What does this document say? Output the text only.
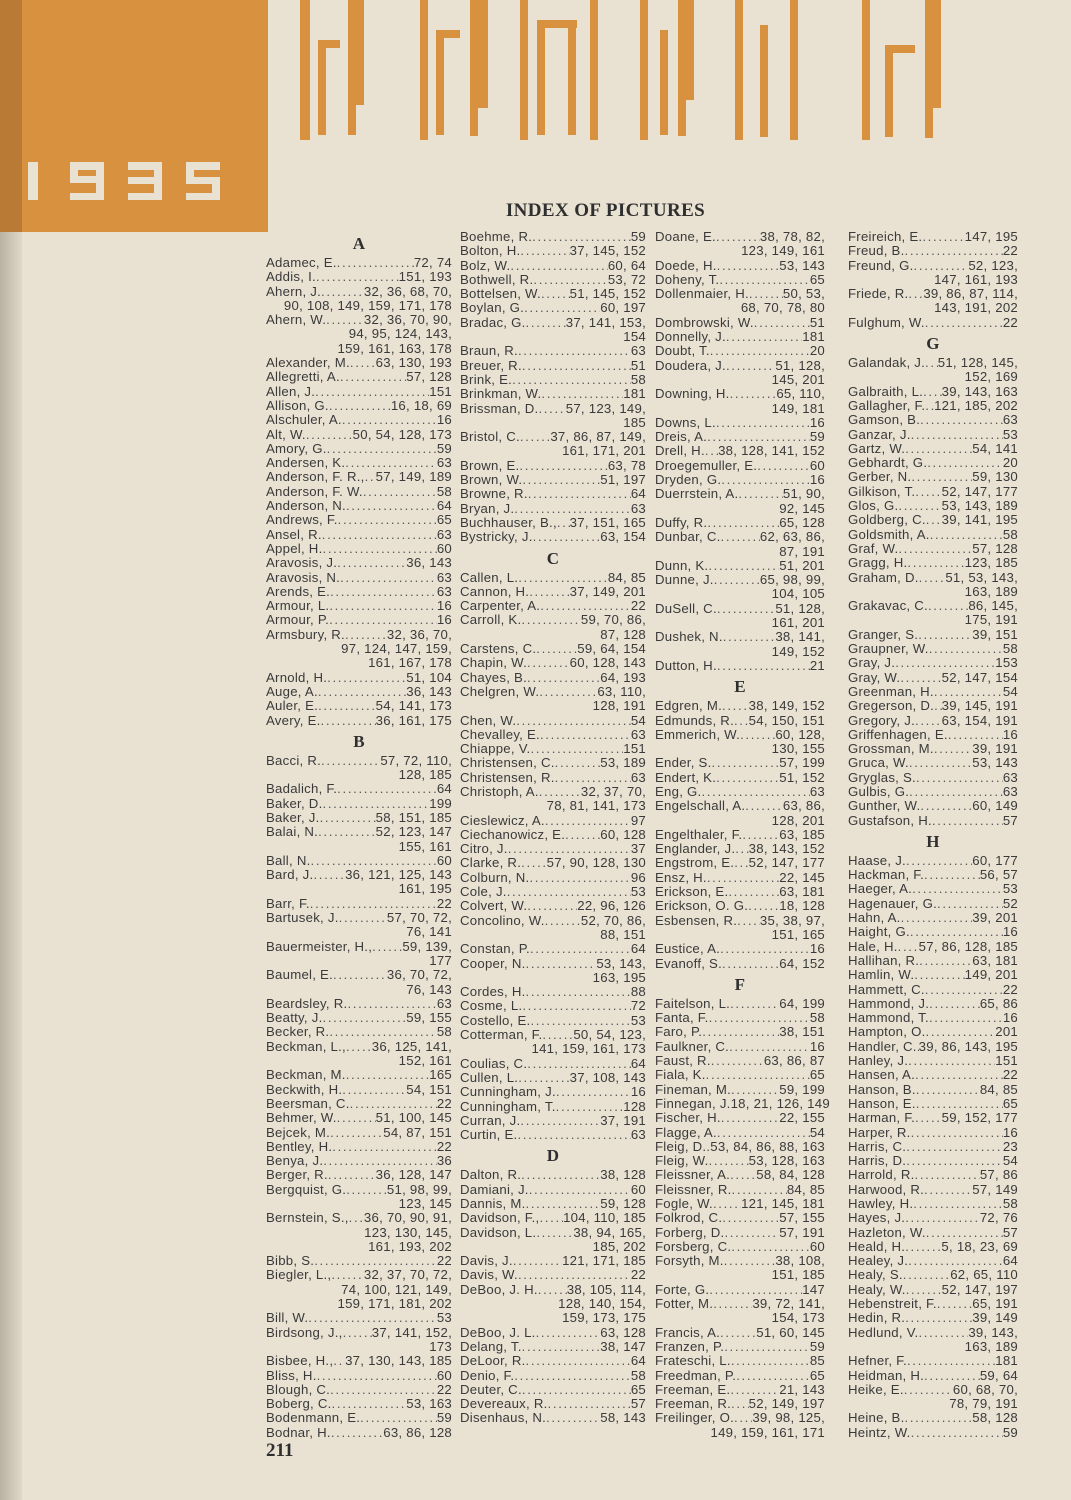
INDEX OF PICTURES
A
Adamec, E. . . .	72, 74
Addis, I. . . .	151, 193
Ahern, J. . . .	32, 36, 68, 70,
90, 108, 149, 159, 171, 178
Ahern, W. . . .	32, 36, 70, 90,
94, 95, 124, 143,
159, 161, 163, 178
Alexander, M. . . . 63, 130, 193
Allegretti, A. . . .	57, 128
Allen, J. . . .	151
Allison, G. . . .	16, 18, 69
Alschuler, A. . . .	16
Alt, W. . . .	50, 54, 128, 173
Amory, G. . . .	59
Andersen, K. . . .	63
Anderson, F. R., . . . 57, 149, 189
Anderson, F. W. . . .	58
Anderson, N. . . .	64
Andrews, F. . . .	65
Ansel, R. . . .	63
Appel, H. . . .	60
Aravosis, J. . . .	36, 143
Aravosis, N. . . .	63
Arends, E. . . .	63
Armour, L. . . .	16
Armour, P. . . .	16
Armsbury, R. . . .	32, 36, 70,
97, 124, 147, 159,
161, 167, 178
Arnold, H. . . .	51, 104
Auge, A. . . .	36, 143
Auler, E. . . .	54, 141, 173
Avery, E. . . .	36, 161, 175
B
Bacci, R. . . .	57, 72, 110,
128, 185
Badalich, F. . . .	64
Baker, D. . . .	199
Baker, J. . . .	58, 151, 185
Balai, N. . . .	52, 123, 147
155, 161
Ball, N. . . .	60
Bard, J. . . . 36, 121, 125, 143
161, 195
Barr, F. . . .	22
Bartusek, J. . . .	57, 70, 72,
76, 141
Bauermeister, H., . . . 59, 139,
177
Baumel, E. . . .	36, 70, 72,
76, 143
Beardsley, R. . . .	63
Beatty, J. . . .	59, 155
Becker, R. . . .	58
Beckman, L., . . . 36, 125, 141,
152, 161
Beckman, M. . . .	165
Beckwith, H. . . .	54, 151
Beersman, C. . . .	22
Behmer, W. . . .	51, 100, 145
Bejcek, M. . . .	54, 87, 151
Bentley, H. . . .	22
Benya, J. . . .	36
Berger, R. . . .	36, 128, 147
Bergquist, G. . . .	51, 98, 99,
123, 145
Bernstein, S., . . . 36, 70, 90, 91,
123, 130, 145,
161, 193, 202
Bibb, S. . . .	22
Biegler, L., . . . 32, 37, 70, 72,
74, 100, 121, 149,
159, 171, 181, 202
Bill, W. . . .	53
Birdsong, J., . . . 37, 141, 152,
173
Bisbee, H., . . . 37, 130, 143, 185
Bliss, H. . . .	60
Blough, C. . . .	22
Boberg, C. . . .	53, 163
Bodenmann, E. . . .	59
Bodnar, H. . . .	63, 86, 128
Boehme, R. . . .	59
Bolton, H. . . .	37, 145, 152
Bolz, W. . . .	60, 64
Bothwell, R. . . .	53, 72
Bottelsen, W. . . . 51, 145, 152
Boylan, G. . . .	60, 197
Bradac, G. . . .	37, 141, 153,
154
Braun, R. . . .	63
Breuer, R. . . .	51
Brink, E. . . .	58
Brinkman, W. . . .	181
Brissman, D. . . . 57, 123, 149,
185
Bristol, C. . . . 37, 86, 87, 149,
161, 171, 201
Brown, E. . . .	63, 78
Brown, W. . . .	51, 197
Browne, R. . . .	64
Bryan, J. . . .	63
Buchhauser, B., . . . 37, 151, 165
Bystricky, J. . . .	63, 154
C
Callen, L. . . .	84, 85
Cannon, H. . . .	37, 149, 201
Carpenter, A. . . .	22
Carroll, K. . . .	59, 70, 86,
87, 128
Carstens, C. . . .	59, 64, 154
Chapin, W. . . .	60, 128, 143
Chayes, B. . . .	64, 193
Chelgren, W. . . .	63, 110,
128, 191
Chen, W. . . .	54
Chevalley, E. . . .	63
Chiappe, V. . . .	151
Christensen, C. . . .	53, 189
Christensen, R. . . .	63
Christoph, A. . . .	32, 37, 70,
78, 81, 141, 173
Cieslewicz, A. . . .	97
Ciechanowicz, E. . . .	60, 128
Citro, J. . . .	37
Clarke, R. . . . 57, 90, 128, 130
Colburn, N. . . .	96
Cole, J. . . .	53
Colvert, W. . . .	22, 96, 126
Concolino, W. . . .	52, 70, 86,
88, 151
Constan, P. . . .	64
Cooper, N. . . .	53, 143,
163, 195
Cordes, H. . . .	88
Cosme, L. . . .	72
Costello, E. . . .	53
Cotterman, F. . . . 50, 54, 123,
141, 159, 161, 173
Coulias, C. . . .	64
Cullen, L. . . .	37, 108, 143
Cunningham, J. . . .	16
Cunningham, T. . . .	128
Curran, J. . . .	37, 191
Curtin, E. . . .	63
D
Dalton, R. . . .	38, 128
Damiani, J. . . .	60
Dannis, M. . . .	59, 128
Davidson, F., . . . 104, 110, 185
Davidson, L. . . .	38, 94, 165,
185, 202
Davis, J. . . .	121, 171, 185
Davis, W. . . .	22
DeBoo, J. H. . . . 38, 105, 114,
128, 140, 154,
159, 173, 175
DeBoo, J. L. . . .	63, 128
Delang, T. . . .	38, 147
DeLoor, R. . . .	64
Denio, F. . . .	58
Deuter, C. . . .	65
Devereaux, R. . . .	57
Disenhaus, N. . . .	58, 143
Doane, E. . . .	38, 78, 82,
123, 149, 161
Doede, H. . . .	53, 143
Doheny, T. . . .	65
Dollenmaier, H. . . .	50, 53,
68, 70, 78, 80
Dombrowski, W. . . .	51
Donnelly, J. . . .	181
Doubt, T. . . .	20
Doudera, J. . . .	51, 128,
145, 201
Downing, H. . . .	65, 110,
149, 181
Downs, L. . . .	16
Dreis, A. . . .	59
Drell, H. . . . 38, 128, 141, 152
Droegemuller, E. . . .	60
Dryden, G. . . .	16
Duerrstein, A. . . .	51, 90,
92, 145
Duffy, R. . . .	65, 128
Dunbar, C. . . .	62, 63, 86,
87, 191
Dunn, K. . . .	51, 201
Dunne, J. . . .	65, 98, 99,
104, 105
DuSell, C. . . .	51, 128,
161, 201
Dushek, N. . . .	38, 141,
149, 152
Dutton, H. . . .	21
E
Edgren, M. . . . 38, 149, 152
Edmunds, R. . . . 54, 150, 151
Emmerich, W. . . .	60, 128,
130, 155
Ender, S. . . .	57, 199
Endert, K. . . .	51, 152
Eng, G. . . .	63
Engelschall, A. . . .	63, 86,
128, 201
Engelthaler, F. . . .	63, 185
Englander, J. . . . 38, 143, 152
Engstrom, E. . . . 52, 147, 177
Ensz, H. . . .	22, 145
Erickson, E. . . .	63, 181
Erickson, O. G. . . . 18, 128
Esbensen, R. . . . 35, 38, 97,
151, 165
Eustice, A. . . .	16
Evanoff, S. . . .	64, 152
F
Faitelson, L. . . .	64, 199
Fanta, F. . . .	58
Faro, P. . . .	38, 151
Faulkner, C. . . .	16
Faust, R. . . .	63, 86, 87
Fiala, K. . . .	65
Fineman, M. . . .	59, 199
Finnegan, J. 18, 21, 126, 149
Fischer, H. . . .	22, 155
Flagge, A. . . .	54
Fleig, D. . . . 53, 84, 86, 88, 163
Fleig, W. . . .	53, 128, 163
Fleissner, A. . . . 58, 84, 128
Fleissner, R. . . .	84, 85
Fogle, W. . . . 121, 145, 181
Folkrod, C. . . .	57, 155
Forberg, D. . . .	57, 191
Forsberg, C. . . .	60
Forsyth, M. . . .	38, 108,
151, 185
Forte, G. . . .	147
Fotter, M. . . .	39, 72, 141,
154, 173
Francis, A. . . .	51, 60, 145
Franzen, P. . . .	59
Frateschi, L. . . .	85
Freedman, P. . . .	65
Freeman, E. . . .	21, 143
Freeman, R. . . . 52, 149, 197
Freilinger, O. . . . 39, 98, 125,
149, 159, 161, 171
Freireich, E. . . .	147, 195
Freud, B. . . .	22
Freund, G. . . .	52, 123,
147, 161, 193
Friede, R. . . . 39, 86, 87, 114,
143, 191, 202
Fulghum, W. . . .	22
G
Galandak, J. . . . 51, 128, 145,
152, 169
Galbraith, L. . . . 39, 143, 163
Gallagher, F. . . . 121, 185, 202
Gamson, B. . . .	63
Ganzar, J. . . .	53
Gartz, W. . . .	54, 141
Gebhardt, G. . . .	20
Gerber, N. . . .	59, 130
Gilkison, T. . . . 52, 147, 177
Glos, G. . . .	53, 143, 189
Goldberg, C. . . . 39, 141, 195
Goldsmith, A. . . .	58
Graf, W. . . .	57, 128
Gragg, H. . . .	123, 185
Graham, D. . . . 51, 53, 143,
163, 189
Grakavac, C. . . .	86, 145,
175, 191
Granger, S. . . .	39, 151
Graupner, W. . . .	58
Gray, J. . . .	153
Gray, W. . . .	52, 147, 154
Greenman, H. . . .	54
Gregerson, D. . . . 39, 145, 191
Gregory, J. . . . 63, 154, 191
Griffenhagen, E. . . .	16
Grossman, M. . . .	39, 191
Gruca, W. . . .	53, 143
Gryglas, S. . . .	63
Gulbis, G. . . .	63
Gunther, W. . . .	60, 149
Gustafson, H. . . .	57
H
Haase, J. . . .	60, 177
Hackman, F. . . .	56, 57
Haeger, A. . . .	53
Hagenauer, G. . . .	52
Hahn, A. . . .	39, 201
Haight, G. . . .	16
Hale, H. . . . 57, 86, 128, 185
Hallihan, R. . . .	63, 181
Hamlin, W. . . .	149, 201
Hammett, C. . . .	22
Hammond, J. . . .	65, 86
Hammond, T. . . .	16
Hampton, O. . . .	201
Handler, C. . . . 39, 86, 143, 195
Hanley, J. . . .	151
Hansen, A. . . .	22
Hanson, B. . . .	84, 85
Hanson, E. . . .	65
Harman, F. . . . 59, 152, 177
Harper, R. . . .	16
Harris, C. . . .	23
Harris, D. . . .	54
Harrold, R. . . .	57, 86
Harwood, R. . . .	57, 149
Hawley, H. . . .	58
Hayes, J. . . .	72, 76
Hazleton, W. . . .	57
Heald, H. . . .	5, 18, 23, 69
Healey, J. . . .	64
Healy, S. . . .	62, 65, 110
Healy, W. . . .	52, 147, 197
Hebenstreit, F. . . .	65, 191
Hedin, R. . . .	39, 149
Hedlund, V. . . .	39, 143,
163, 189
Hefner, F. . . .	181
Heidman, H. . . .	59, 64
Heike, E. . . .	60, 68, 70,
78, 79, 191
Heine, B. . . .	58, 128
Heintz, W. . . .	59
211
